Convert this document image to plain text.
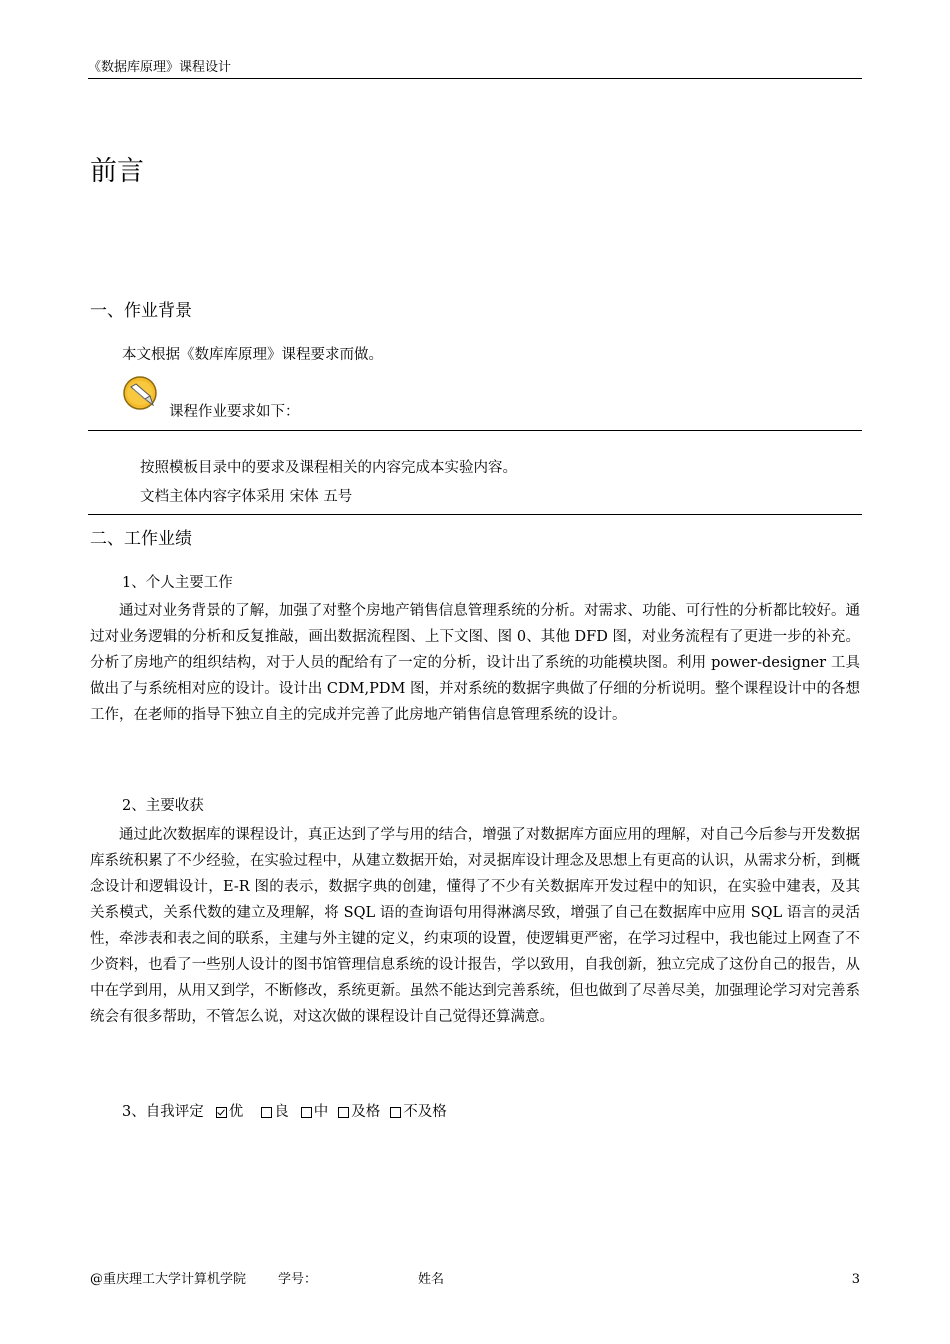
《数据库原理》课程设计
前言
一、作业背景

本文根据《数库库原理》课程要求而做。

课程作业要求如下：
按照模板目录中的要求及课程相关的内容完成本实验内容。
文档主体内容字体采用 宋体 五号
二、工作业绩
1、个人主要工作

通过对业务背景的了解，加强了对整个房地产销售信息管理系统的分析。对需求、功能、可行性的分析都比较好。通过对业务逻辑的分析和反复推敲，画出数据流程图、上下文图、图 0、其他 DFD 图，对业务流程有了更进一步的补充。分析了房地产的组织结构，对于人员的配给有了一定的分析，设计出了系统的功能模块图。利用 power-designer 工具做出了与系统相对应的设计。设计出 CDM,PDM 图，并对系统的数据字典做了仔细的分析说明。整个课程设计中的各想工作，在老师的指导下独立自主的完成并完善了此房地产销售信息管理系统的设计。

2、主要收获

通过此次数据库的课程设计，真正达到了学与用的结合，增强了对数据库方面应用的理解，对自己今后参与开发数据库系统积累了不少经验，在实验过程中，从建立数据开始，对灵据库设计理念及思想上有更高的认识，从需求分析，到概念设计和逻辑设计，E-R 图的表示，数据字典的创建，懂得了不少有关数据库开发过程中的知识，在实验中建表，及其关系模式，关系代数的建立及理解，将 SQL 语的查询语句用得淋漓尽致，增强了自己在数据库中应用 SQL 语言的灵活性，牵涉表和表之间的联系，主建与外主键的定义，约束项的设置，使逻辑更严密，在学习过程中，我也能过上网查了不少资料，也看了一些别人设计的图书馆管理信息系统的设计报告，学以致用，自我创新，独立完成了这份自己的报告，从中在学到用，从用又到学，不断修改，系统更新。虽然不能达到完善系统，但也做到了尽善尽美，加强理论学习对完善系统会有很多帮助，不管怎么说，对这次做的课程设计自己觉得还算满意。

3、自我评定 优 良 中 及格 不及格
@重庆理工大学计算机学院 学号：	姓名	3
